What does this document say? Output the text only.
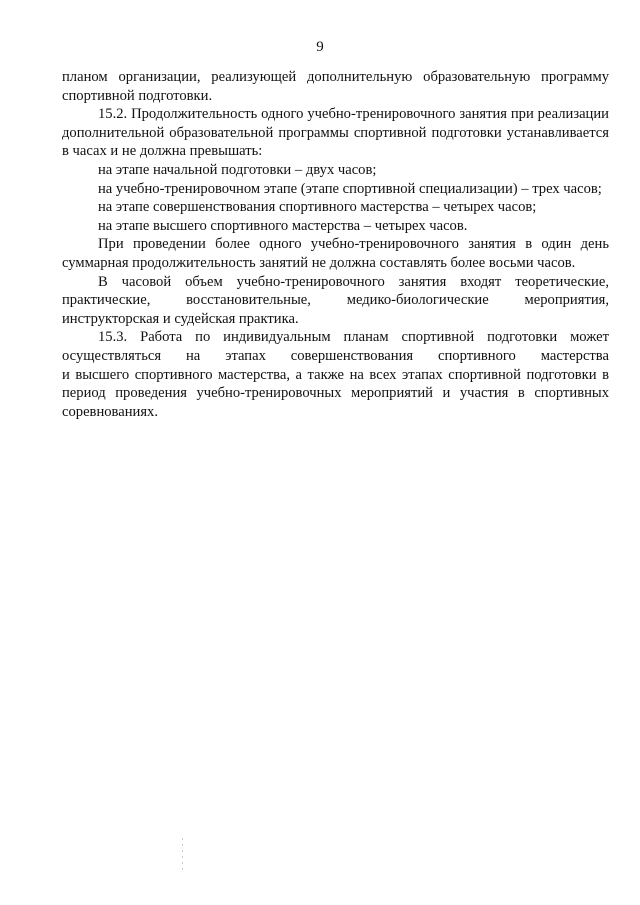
9

планом организации, реализующей дополнительную образовательную программу спортивной подготовки.

15.2. Продолжительность одного учебно-тренировочного занятия при реализации дополнительной образовательной программы спортивной подготовки устанавливается в часах и не должна превышать:

на этапе начальной подготовки – двух часов;

на учебно-тренировочном этапе (этапе спортивной специализации) – трех часов;

на этапе совершенствования спортивного мастерства – четырех часов;

на этапе высшего спортивного мастерства – четырех часов.

При проведении более одного учебно-тренировочного занятия в один день суммарная продолжительность занятий не должна составлять более восьми часов.

В часовой объем учебно-тренировочного занятия входят теоретические, практические, восстановительные, медико-биологические мероприятия, инструкторская и судейская практика.

15.3. Работа по индивидуальным планам спортивной подготовки может осуществляться на этапах совершенствования спортивного мастерства

и высшего спортивного мастерства, а также на всех этапах спортивной подготовки в период проведения учебно-тренировочных мероприятий и участия в спортивных соревнованиях.
